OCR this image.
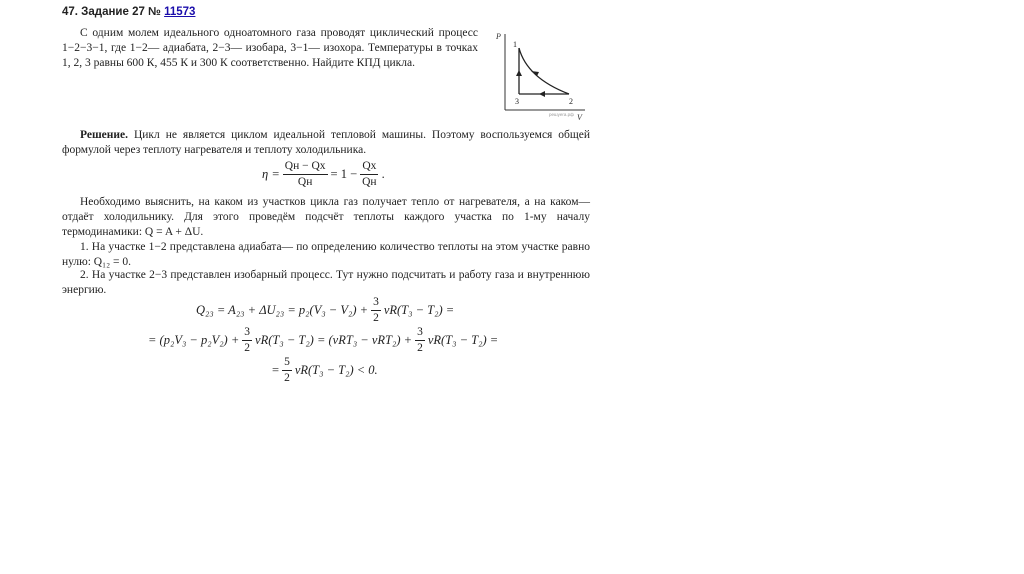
47. Задание 27 № 11573
С одним молем идеального одноатомного газа проводят циклический процесс 1−2−3−1, где 1−2— адиабата, 2−3— изобара, 3−1— изохора. Температуры в точках 1, 2, 3 равны 600 К, 455 К и 300 К соответственно. Найдите КПД цикла.
P
V
1
2
3
решуега.рф
Решение. Цикл не является циклом идеальной тепловой машины. Поэтому воспользуемся общей формулой через теплоту нагревателя и теплоту холодильника.
$\eta = \frac{Qн - Qх}{Qн} = 1 - \frac{Qх}{Qн}$ .
Необходимо выяснить, на каком из участков цикла газ получает тепло от нагревателя, а на каком— отдаёт холодильнику. Для этого проведём подсчёт теплоты каждого участка по 1-му началу термодинамики: Q = A + ΔU.
1. На участке 1−2 представлена адиабата— по определению количество теплоты на этом участке равно нулю: Q₁₂ = 0.
2. На участке 2−3 представлен изобарный процесс. Тут нужно подсчитать и работу газа и внутреннюю энергию.
$Q_{23} = A_{23} + \Delta U_{23} = p_2(V_3 - V_2) + \frac{3}{2} \nu R(T_3 - T_2)$ =
= $(p_2V_3 - p_2V_2) + \frac{3}{2} \nu R(T_3 - T_2) = (\nu RT_3 - \nu RT_2) + \frac{3}{2} \nu R(T_3 - T_2)$ =
= $\frac{5}{2} \nu R(T_3 - T_2) < 0$.
